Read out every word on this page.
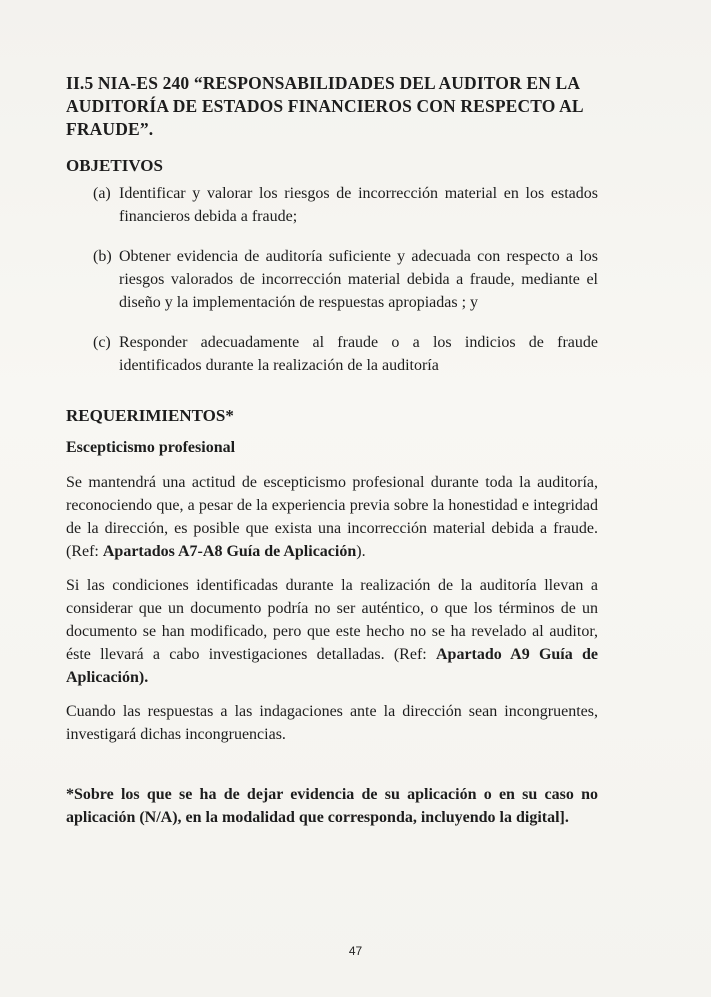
II.5 NIA-ES 240 “RESPONSABILIDADES DEL AUDITOR EN LA AUDITORÍA DE ESTADOS FINANCIEROS CON RESPECTO AL FRAUDE”.
OBJETIVOS
(a) Identificar y valorar los riesgos de incorrección material en los estados financieros debida a fraude;
(b) Obtener evidencia de auditoría suficiente y adecuada con respecto a los riesgos valorados de incorrección material debida a fraude, mediante el diseño y la implementación de respuestas apropiadas ; y
(c) Responder adecuadamente al fraude o a los indicios de fraude identificados durante la realización de la auditoría
REQUERIMIENTOS*
Escepticismo profesional

Se mantendrá una actitud de escepticismo profesional durante toda la auditoría, reconociendo que, a pesar de la experiencia previa sobre la honestidad e integridad de la dirección, es posible que exista una incorrección material debida a fraude. (Ref: Apartados A7-A8 Guía de Aplicación).

Si las condiciones identificadas durante la realización de la auditoría llevan a considerar que un documento podría no ser auténtico, o que los términos de un documento se han modificado, pero que este hecho no se ha revelado al auditor, éste llevará a cabo investigaciones detalladas. (Ref: Apartado A9 Guía de Aplicación).

Cuando las respuestas a las indagaciones ante la dirección sean incongruentes, investigará dichas incongruencias.

*Sobre los que se ha de dejar evidencia de su aplicación o en su caso no aplicación (N/A), en la modalidad que corresponda, incluyendo la digital].

47
